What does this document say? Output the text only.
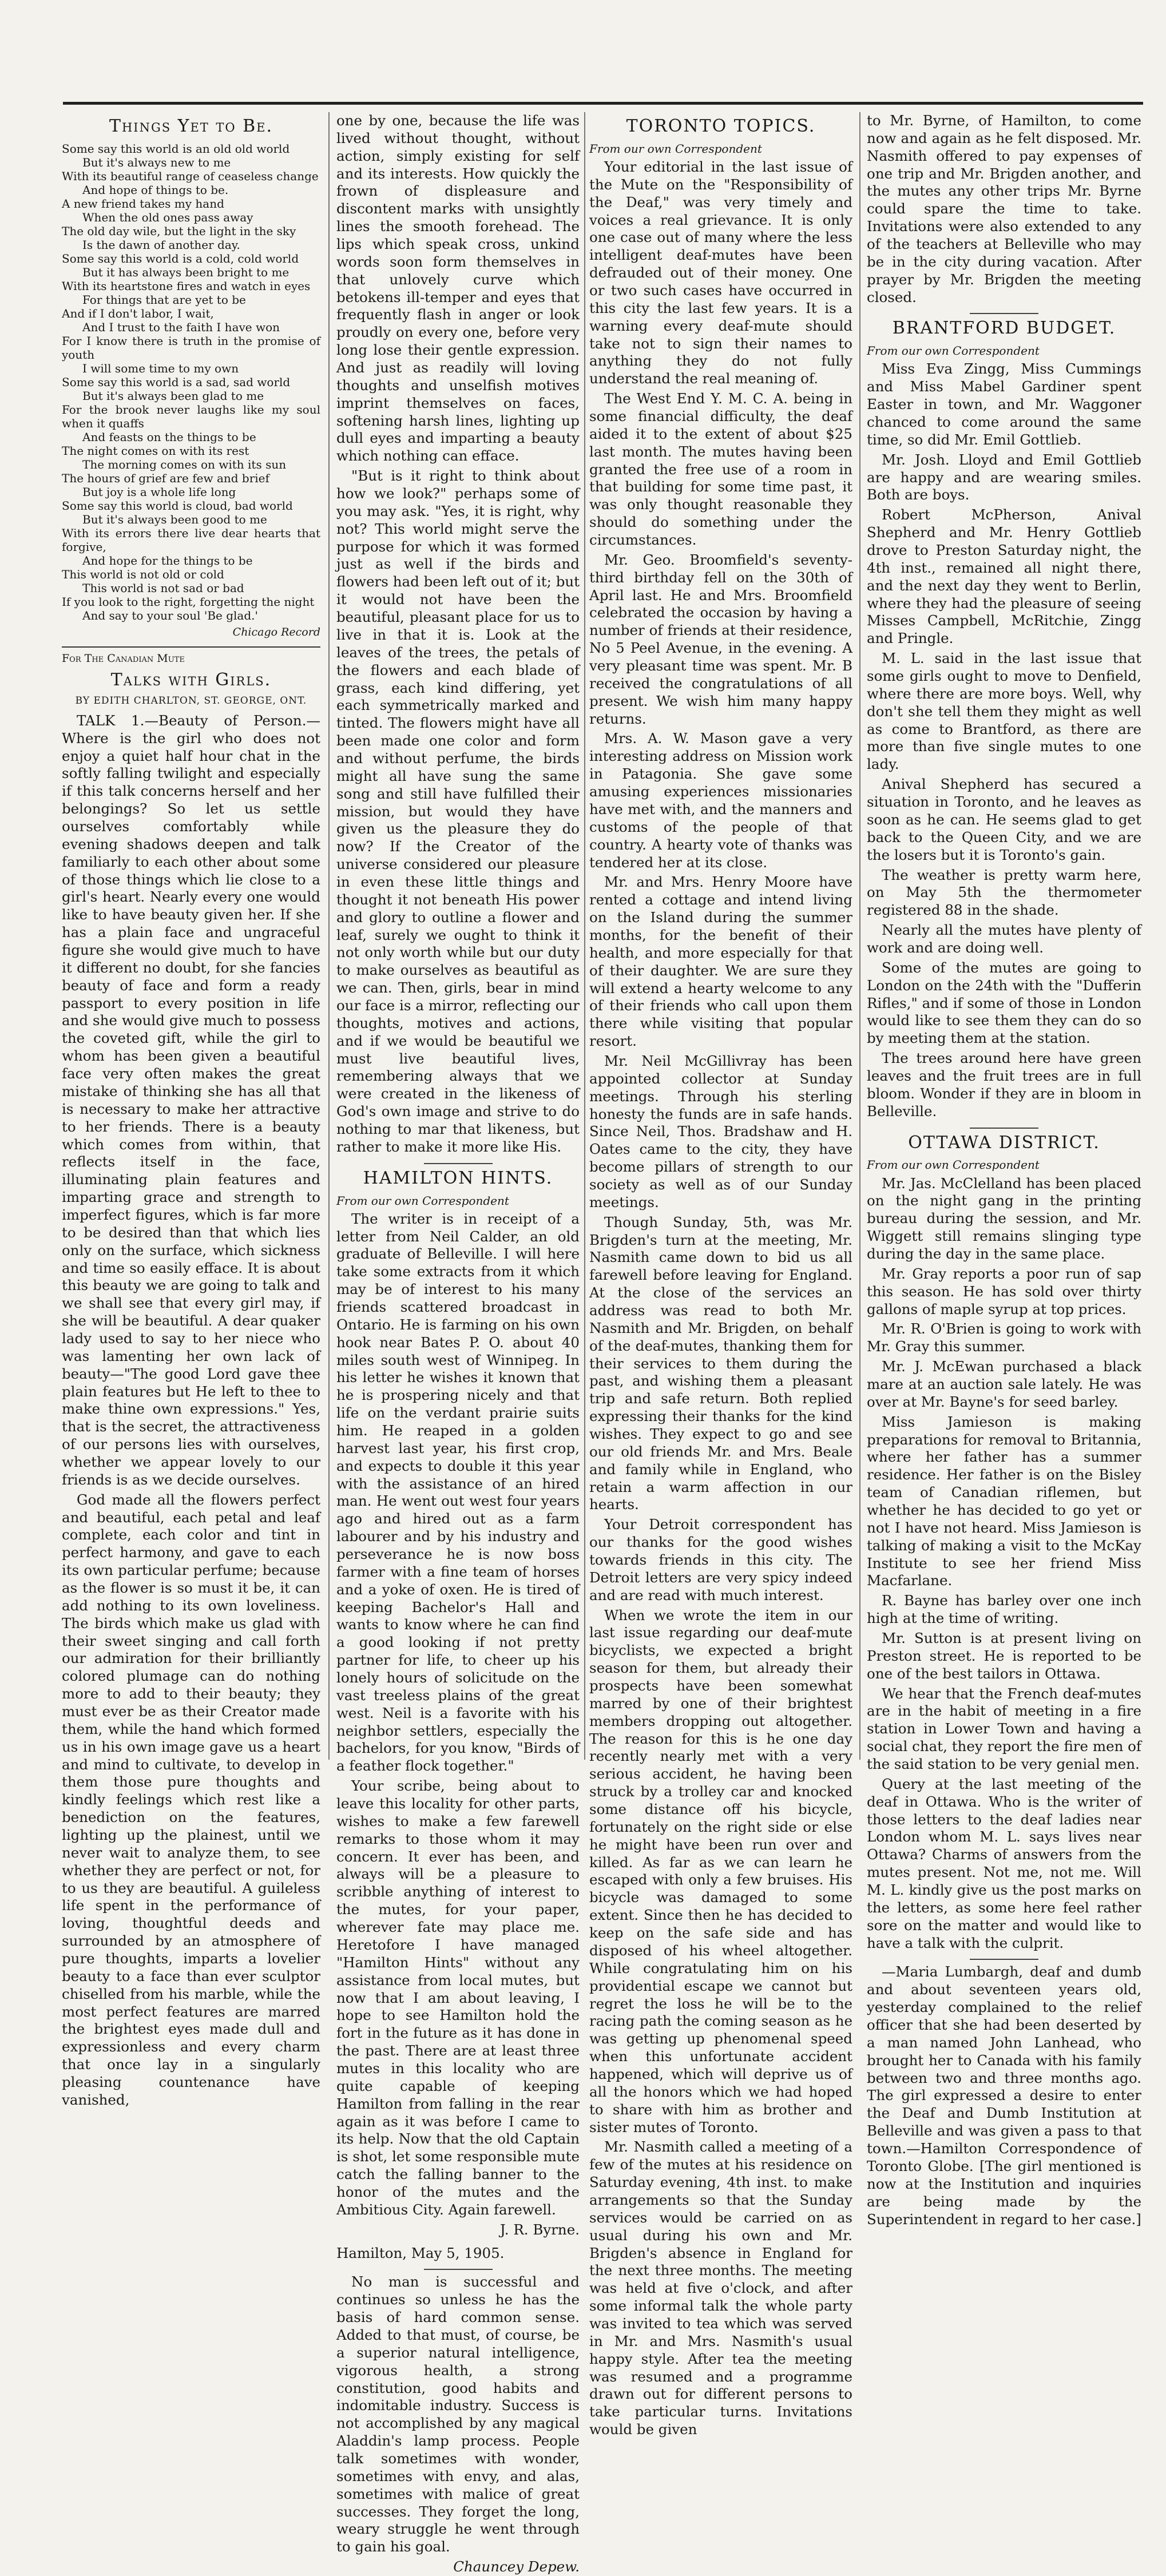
Things Yet to Be.
Some say this world is an old old world
But it's always new to me
With its beautiful range of ceaseless change
And hope of things to be.
A new friend takes my hand
When the old ones pass away
The old day wile, but the light in the sky
Is the dawn of another day.
Some say this world is a cold, cold world
But it has always been bright to me
With its heartstone fires and watch in eyes
For things that are yet to be
And if I don't labor, I wait,
And I trust to the faith I have won
For I know there is truth in the promise of youth
I will some time to my own
Some say this world is a sad, sad world
But it's always been glad to me
For the brook never laughs like my soul when it quaffs
And feasts on the things to be
The night comes on with its rest
The morning comes on with its sun
The hours of grief are few and brief
But joy is a whole life long
Some say this world is cloud, bad world
But it's always been good to me
With its errors there live dear hearts that forgive,
And hope for the things to be
This world is not old or cold
This world is not sad or bad
If you look to the right, forgetting the night
And say to your soul 'Be glad.'
Chicago Record
For The Canadian Mute
Talks with Girls.
BY EDITH CHARLTON, ST. GEORGE, ONT.

TALK 1.—Beauty of Person.—Where is the girl who does not enjoy a quiet half hour chat in the softly falling twilight and especially if this talk concerns herself and her belongings? So let us settle ourselves comfortably while evening shadows deepen and talk familiarly to each other about some of those things which lie close to a girl's heart. Nearly every one would like to have beauty given her. If she has a plain face and ungraceful figure she would give much to have it different no doubt, for she fancies beauty of face and form a ready passport to every position in life and she would give much to possess the coveted gift, while the girl to whom has been given a beautiful face very often makes the great mistake of thinking she has all that is necessary to make her attractive to her friends. There is a beauty which comes from within, that reflects itself in the face, illuminating plain features and imparting grace and strength to imperfect figures, which is far more to be desired than that which lies only on the surface, which sickness and time so easily efface. It is about this beauty we are going to talk and we shall see that every girl may, if she will be beautiful. A dear quaker lady used to say to her niece who was lamenting her own lack of beauty—"The good Lord gave thee plain features but He left to thee to make thine own expressions." Yes, that is the secret, the attractiveness of our persons lies with ourselves, whether we appear lovely to our friends is as we decide ourselves.

God made all the flowers perfect and beautiful, each petal and leaf complete, each color and tint in perfect harmony, and gave to each its own particular perfume; because as the flower is so must it be, it can add nothing to its own loveliness. The birds which make us glad with their sweet singing and call forth our admiration for their brilliantly colored plumage can do nothing more to add to their beauty; they must ever be as their Creator made them, while the hand which formed us in his own image gave us a heart and mind to cultivate, to develop in them those pure thoughts and kindly feelings which rest like a benediction on the features, lighting up the plainest, until we never wait to analyze them, to see whether they are perfect or not, for to us they are beautiful. A guileless life spent in the performance of loving, thoughtful deeds and surrounded by an atmosphere of pure thoughts, imparts a lovelier beauty to a face than ever sculptor chiselled from his marble, while the most perfect features are marred the brightest eyes made dull and expressionless and every charm that once lay in a singularly pleasing countenance have vanished,

one by one, because the life was lived without thought, without action, simply existing for self and its interests. How quickly the frown of displeasure and discontent marks with unsightly lines the smooth forehead. The lips which speak cross, unkind words soon form themselves in that unlovely curve which betokens ill-temper and eyes that frequently flash in anger or look proudly on every one, before very long lose their gentle expression. And just as readily will loving thoughts and unselfish motives imprint themselves on faces, softening harsh lines, lighting up dull eyes and imparting a beauty which nothing can efface.

"But is it right to think about how we look?" perhaps some of you may ask. "Yes, it is right, why not? This world might serve the purpose for which it was formed just as well if the birds and flowers had been left out of it; but it would not have been the beautiful, pleasant place for us to live in that it is. Look at the leaves of the trees, the petals of the flowers and each blade of grass, each kind differing, yet each symmetrically marked and tinted. The flowers might have all been made one color and form and without perfume, the birds might all have sung the same song and still have fulfilled their mission, but would they have given us the pleasure they do now? If the Creator of the universe considered our pleasure in even these little things and thought it not beneath His power and glory to outline a flower and leaf, surely we ought to think it not only worth while but our duty to make ourselves as beautiful as we can. Then, girls, bear in mind our face is a mirror, reflecting our thoughts, motives and actions, and if we would be beautiful we must live beautiful lives, remembering always that we were created in the likeness of God's own image and strive to do nothing to mar that likeness, but rather to make it more like His.

HAMILTON HINTS.
From our own Correspondent

The writer is in receipt of a letter from Neil Calder, an old graduate of Belleville. I will here take some extracts from it which may be of interest to his many friends scattered broadcast in Ontario. He is farming on his own hook near Bates P. O. about 40 miles south west of Winnipeg. In his letter he wishes it known that he is prospering nicely and that life on the verdant prairie suits him. He reaped in a golden harvest last year, his first crop, and expects to double it this year with the assistance of an hired man. He went out west four years ago and hired out as a farm labourer and by his industry and perseverance he is now boss farmer with a fine team of horses and a yoke of oxen. He is tired of keeping Bachelor's Hall and wants to know where he can find a good looking if not pretty partner for life, to cheer up his lonely hours of solicitude on the vast treeless plains of the great west. Neil is a favorite with his neighbor settlers, especially the bachelors, for you know, "Birds of a feather flock together."

Your scribe, being about to leave this locality for other parts, wishes to make a few farewell remarks to those whom it may concern. It ever has been, and always will be a pleasure to scribble anything of interest to the mutes, for your paper, wherever fate may place me. Heretofore I have managed "Hamilton Hints" without any assistance from local mutes, but now that I am about leaving, I hope to see Hamilton hold the fort in the future as it has done in the past. There are at least three mutes in this locality who are quite capable of keeping Hamilton from falling in the rear again as it was before I came to its help. Now that the old Captain is shot, let some responsible mute catch the falling banner to the honor of the mutes and the Ambitious City. Again farewell.

J. R. Byrne.

Hamilton, May 5, 1905.

No man is successful and continues so unless he has the basis of hard common sense. Added to that must, of course, be a superior natural intelligence, vigorous health, a strong constitution, good habits and indomitable industry. Success is not accomplished by any magical Aladdin's lamp process. People talk sometimes with wonder, sometimes with envy, and alas, sometimes with malice of great successes. They forget the long, weary struggle he went through to gain his goal.

Chauncey Depew.
TORONTO TOPICS.
From our own Correspondent

Your editorial in the last issue of the Mute on the "Responsibility of the Deaf," was very timely and voices a real grievance. It is only one case out of many where the less intelligent deaf-mutes have been defrauded out of their money. One or two such cases have occurred in this city the last few years. It is a warning every deaf-mute should take not to sign their names to anything they do not fully understand the real meaning of.

The West End Y. M. C. A. being in some financial difficulty, the deaf aided it to the extent of about $25 last month. The mutes having been granted the free use of a room in that building for some time past, it was only thought reasonable they should do something under the circumstances.

Mr. Geo. Broomfield's seventy-third birthday fell on the 30th of April last. He and Mrs. Broomfield celebrated the occasion by having a number of friends at their residence, No 5 Peel Avenue, in the evening. A very pleasant time was spent. Mr. B received the congratulations of all present. We wish him many happy returns.

Mrs. A. W. Mason gave a very interesting address on Mission work in Patagonia. She gave some amusing experiences missionaries have met with, and the manners and customs of the people of that country. A hearty vote of thanks was tendered her at its close.

Mr. and Mrs. Henry Moore have rented a cottage and intend living on the Island during the summer months, for the benefit of their health, and more especially for that of their daughter. We are sure they will extend a hearty welcome to any of their friends who call upon them there while visiting that popular resort.

Mr. Neil McGillivray has been appointed collector at Sunday meetings. Through his sterling honesty the funds are in safe hands. Since Neil, Thos. Bradshaw and H. Oates came to the city, they have become pillars of strength to our society as well as of our Sunday meetings.

Though Sunday, 5th, was Mr. Brigden's turn at the meeting, Mr. Nasmith came down to bid us all farewell before leaving for England. At the close of the services an address was read to both Mr. Nasmith and Mr. Brigden, on behalf of the deaf-mutes, thanking them for their services to them during the past, and wishing them a pleasant trip and safe return. Both replied expressing their thanks for the kind wishes. They expect to go and see our old friends Mr. and Mrs. Beale and family while in England, who retain a warm affection in our hearts.

Your Detroit correspondent has our thanks for the good wishes towards friends in this city. The Detroit letters are very spicy indeed and are read with much interest.

When we wrote the item in our last issue regarding our deaf-mute bicyclists, we expected a bright season for them, but already their prospects have been somewhat marred by one of their brightest members dropping out altogether. The reason for this is he one day recently nearly met with a very serious accident, he having been struck by a trolley car and knocked some distance off his bicycle, fortunately on the right side or else he might have been run over and killed. As far as we can learn he escaped with only a few bruises. His bicycle was damaged to some extent. Since then he has decided to keep on the safe side and has disposed of his wheel altogether. While congratulating him on his providential escape we cannot but regret the loss he will be to the racing path the coming season as he was getting up phenomenal speed when this unfortunate accident happened, which will deprive us of all the honors which we had hoped to share with him as brother and sister mutes of Toronto.

Mr. Nasmith called a meeting of a few of the mutes at his residence on Saturday evening, 4th inst. to make arrangements so that the Sunday services would be carried on as usual during his own and Mr. Brigden's absence in England for the next three months. The meeting was held at five o'clock, and after some informal talk the whole party was invited to tea which was served in Mr. and Mrs. Nasmith's usual happy style. After tea the meeting was resumed and a programme drawn out for different persons to take particular turns. Invitations would be given

to Mr. Byrne, of Hamilton, to come now and again as he felt disposed. Mr. Nasmith offered to pay expenses of one trip and Mr. Brigden another, and the mutes any other trips Mr. Byrne could spare the time to take. Invitations were also extended to any of the teachers at Belleville who may be in the city during vacation. After prayer by Mr. Brigden the meeting closed.

BRANTFORD BUDGET.
From our own Correspondent

Miss Eva Zingg, Miss Cummings and Miss Mabel Gardiner spent Easter in town, and Mr. Waggoner chanced to come around the same time, so did Mr. Emil Gottlieb.

Mr. Josh. Lloyd and Emil Gottlieb are happy and are wearing smiles. Both are boys.

Robert McPherson, Anival Shepherd and Mr. Henry Gottlieb drove to Preston Saturday night, the 4th inst., remained all night there, and the next day they went to Berlin, where they had the pleasure of seeing Misses Campbell, McRitchie, Zingg and Pringle.

M. L. said in the last issue that some girls ought to move to Denfield, where there are more boys. Well, why don't she tell them they might as well as come to Brantford, as there are more than five single mutes to one lady.

Anival Shepherd has secured a situation in Toronto, and he leaves as soon as he can. He seems glad to get back to the Queen City, and we are the losers but it is Toronto's gain.

The weather is pretty warm here, on May 5th the thermometer registered 88 in the shade.

Nearly all the mutes have plenty of work and are doing well.

Some of the mutes are going to London on the 24th with the "Dufferin Rifles," and if some of those in London would like to see them they can do so by meeting them at the station.

The trees around here have green leaves and the fruit trees are in full bloom. Wonder if they are in bloom in Belleville.

OTTAWA DISTRICT.
From our own Correspondent

Mr. Jas. McClelland has been placed on the night gang in the printing bureau during the session, and Mr. Wiggett still remains slinging type during the day in the same place.

Mr. Gray reports a poor run of sap this season. He has sold over thirty gallons of maple syrup at top prices.

Mr. R. O'Brien is going to work with Mr. Gray this summer.

Mr. J. McEwan purchased a black mare at an auction sale lately. He was over at Mr. Bayne's for seed barley.

Miss Jamieson is making preparations for removal to Britannia, where her father has a summer residence. Her father is on the Bisley team of Canadian riflemen, but whether he has decided to go yet or not I have not heard. Miss Jamieson is talking of making a visit to the McKay Institute to see her friend Miss Macfarlane.

R. Bayne has barley over one inch high at the time of writing.

Mr. Sutton is at present living on Preston street. He is reported to be one of the best tailors in Ottawa.

We hear that the French deaf-mutes are in the habit of meeting in a fire station in Lower Town and having a social chat, they report the fire men of the said station to be very genial men.

Query at the last meeting of the deaf in Ottawa. Who is the writer of those letters to the deaf ladies near London whom M. L. says lives near Ottawa? Charms of answers from the mutes present. Not me, not me. Will M. L. kindly give us the post marks on the letters, as some here feel rather sore on the matter and would like to have a talk with the culprit.

—Maria Lumbargh, deaf and dumb and about seventeen years old, yesterday complained to the relief officer that she had been deserted by a man named John Lanhead, who brought her to Canada with his family between two and three months ago. The girl expressed a desire to enter the Deaf and Dumb Institution at Belleville and was given a pass to that town.—Hamilton Correspondence of Toronto Globe. [The girl mentioned is now at the Institution and inquiries are being made by the Superintendent in regard to her case.]
